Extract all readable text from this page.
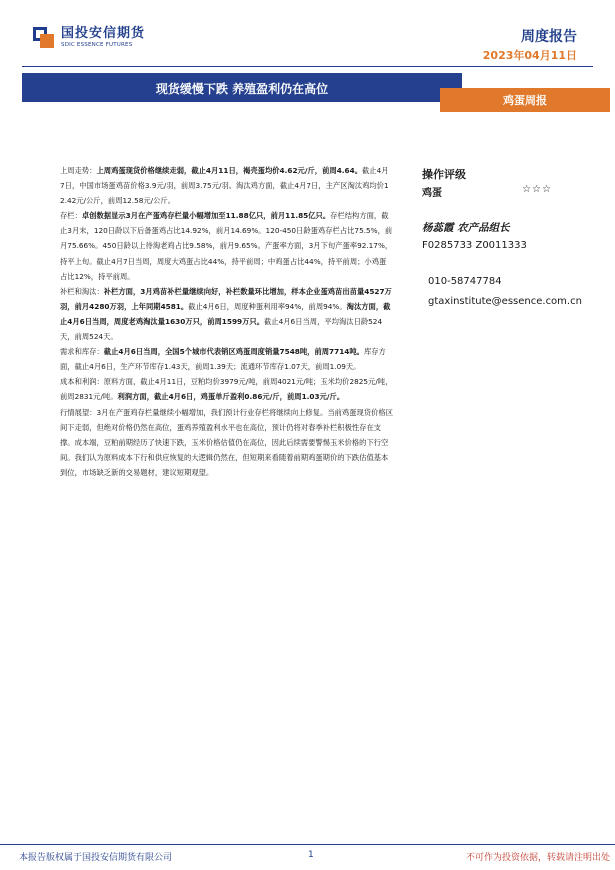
国投安信期货
SDIC ESSENCE FUTURES	周度报告
2023年04月11日
现货缓慢下跌 养殖盈利仍在高位
鸡蛋周报

上周走势：上周鸡蛋现货价格继续走弱，截止4月11日，褐壳蛋均价4.62元/斤，前周4.64。截止4月7日，中国市场蛋鸡苗价格3.9元/羽，前周3.75元/羽。淘汰鸡方面，截止4月7日，主产区淘汰鸡均价12.42元/公斤，前周12.58元/公斤。

存栏：卓创数据显示3月在产蛋鸡存栏量小幅增加至11.88亿只，前月11.85亿只。存栏结构方面，截止3月末，120日龄以下后备蛋鸡占比14.92%，前月14.69%。120-450日龄蛋鸡存栏占比75.5%，前月75.66%。450日龄以上待淘老鸡占比9.58%，前月9.65%。产蛋率方面，3月下旬产蛋率92.17%，持平上旬。截止4月7日当周，周度大鸡蛋占比44%，持平前周；中鸡蛋占比44%，持平前周；小鸡蛋占比12%，持平前周。

补栏和淘汰：补栏方面，3月鸡苗补栏量继续向好，补栏数量环比增加，样本企业蛋鸡苗出苗量4527万羽，前月4280万羽，上年同期4581。截止4月6日，周度种蛋利用率94%，前周94%。淘汰方面，截止4月6日当周，周度老鸡淘汰量1630万只，前周1599万只。截止4月6日当周，平均淘汰日龄524天，前周524天。

需求和库存：截止4月6日当周，全国5个城市代表销区鸡蛋周度销量7548吨，前周7714吨。库存方面，截止4月6日，生产环节库存1.43天，前周1.39天；流通环节库存1.07天，前周1.09天。

成本和利润：原料方面，截止4月11日，豆粕均价3979元/吨，前周4021元/吨；玉米均价2825元/吨，前周2831元/吨。利润方面，截止4月6日，鸡蛋单斤盈利0.86元/斤，前周1.03元/斤。

行情展望：3月在产蛋鸡存栏量继续小幅增加，我们预计行业存栏将继续向上修复。当前鸡蛋现货价格区间下走弱，但绝对价格仍然在高位，蛋鸡养殖盈利水平也在高位，预计仍将对春季补栏积极性存在支撑。成本端，豆粕前期经历了快速下跌，玉米价格估值仍在高位，因此后续需要警惕玉米价格的下行空间。我们认为原料成本下行和供应恢复的大逻辑仍然在，但短期来看随着前期鸡蛋期价的下跌估值基本到位，市场缺乏新的交易题材，建议短期观望。

操作评级
鸡蛋	☆☆☆
杨蕊霞 农产品组长
F0285733 Z0011333
010-58747784
gtaxinstitute@essence.com.cn
本报告版权属于国投安信期货有限公司	1	不可作为投资依据，转载请注明出处
